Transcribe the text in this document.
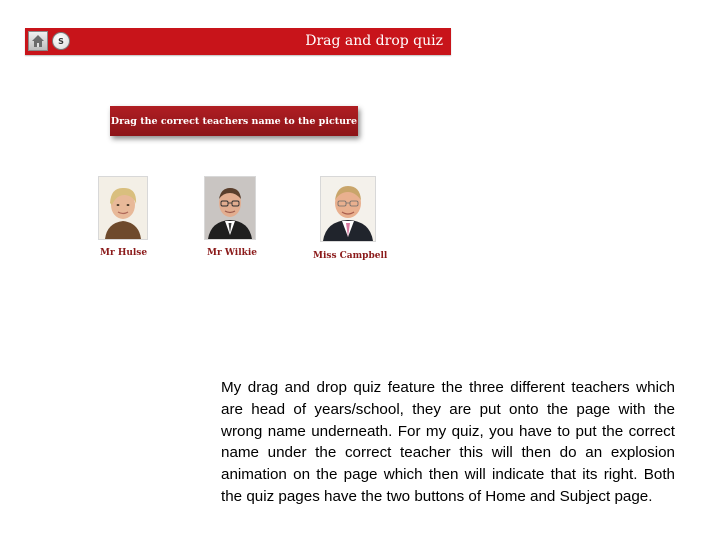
S	Drag and drop quiz
Drag the correct teachers name to the picture
Mr Hulse	Mr Wilkie	Miss Campbell
My drag and drop quiz feature the three different teachers which are head of years/school, they are put onto the page with the wrong name underneath. For my quiz, you have to put the correct name under the correct teacher this will then do an explosion animation on the page which then will indicate that its right. Both the quiz pages have the two buttons of Home and Subject page.
